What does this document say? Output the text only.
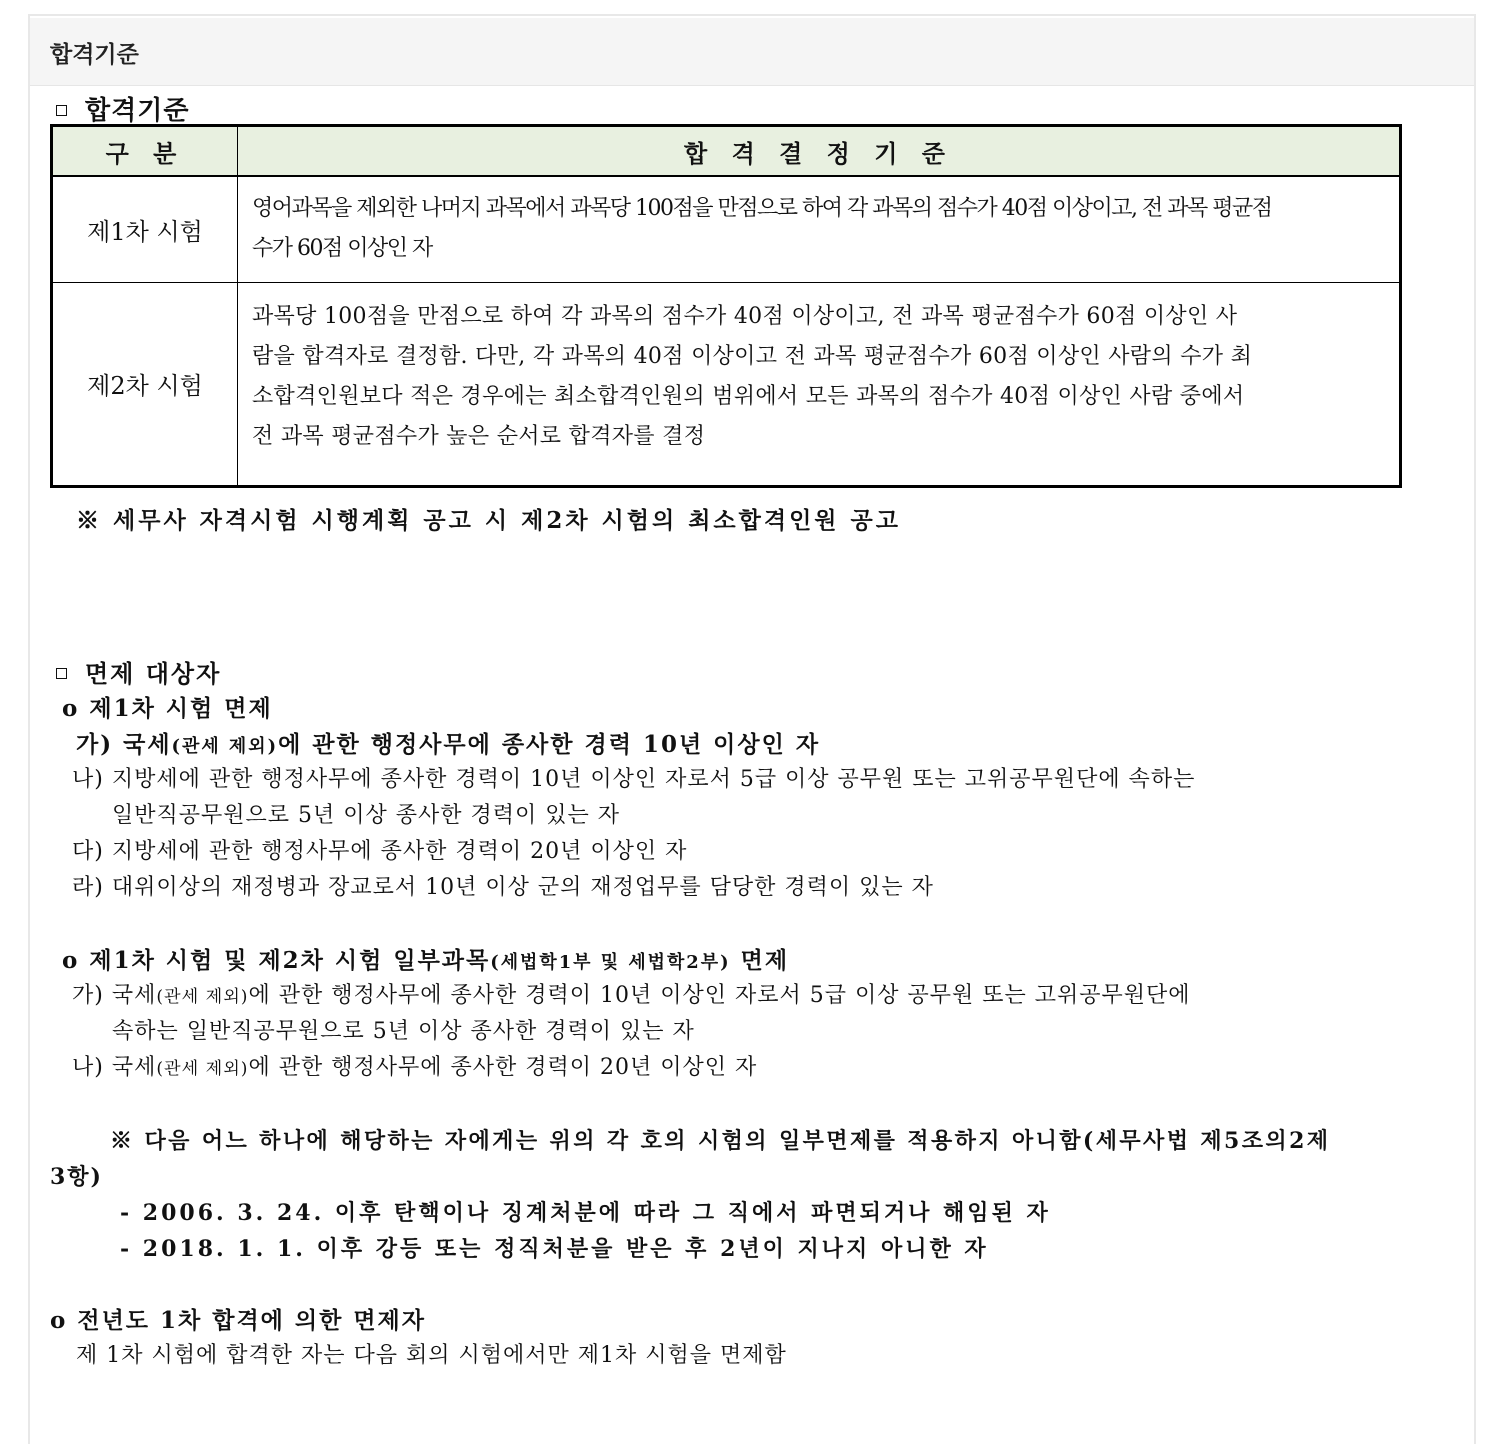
합격기준
합격기준
구 분	합 격 결 정 기 준
제1차 시험	영어과목을 제외한 나머지 과목에서 과목당 100점을 만점으로 하여 각 과목의 점수가 40점 이상이고, 전 과목 평균점
수가 60점 이상인 자

제2차 시험	과목당 100점을 만점으로 하여 각 과목의 점수가 40점 이상이고, 전 과목 평균점수가 60점 이상인 사
람을 합격자로 결정함. 다만, 각 과목의 40점 이상이고 전 과목 평균점수가 60점 이상인 사람의 수가 최
소합격인원보다 적은 경우에는 최소합격인원의 범위에서 모든 과목의 점수가 40점 이상인 사람 중에서
전 과목 평균점수가 높은 순서로 합격자를 결정
※ 세무사 자격시험 시행계획 공고 시 제2차 시험의 최소합격인원 공고
면제 대상자
o 제1차 시험 면제
가) 국세(관세 제외)에 관한 행정사무에 종사한 경력 10년 이상인 자
나) 지방세에 관한 행정사무에 종사한 경력이 10년 이상인 자로서 5급 이상 공무원 또는 고위공무원단에 속하는
일반직공무원으로 5년 이상 종사한 경력이 있는 자
다) 지방세에 관한 행정사무에 종사한 경력이 20년 이상인 자
라) 대위이상의 재정병과 장교로서 10년 이상 군의 재정업무를 담당한 경력이 있는 자
o 제1차 시험 및 제2차 시험 일부과목(세법학1부 및 세법학2부) 면제
가) 국세(관세 제외)에 관한 행정사무에 종사한 경력이 10년 이상인 자로서 5급 이상 공무원 또는 고위공무원단에
속하는 일반직공무원으로 5년 이상 종사한 경력이 있는 자
나) 국세(관세 제외)에 관한 행정사무에 종사한 경력이 20년 이상인 자
※ 다음 어느 하나에 해당하는 자에게는 위의 각 호의 시험의 일부면제를 적용하지 아니함(세무사법 제5조의2제
3항)
- 2006. 3. 24. 이후 탄핵이나 징계처분에 따라 그 직에서 파면되거나 해임된 자
- 2018. 1. 1. 이후 강등 또는 정직처분을 받은 후 2년이 지나지 아니한 자
o 전년도 1차 합격에 의한 면제자
제 1차 시험에 합격한 자는 다음 회의 시험에서만 제1차 시험을 면제함
